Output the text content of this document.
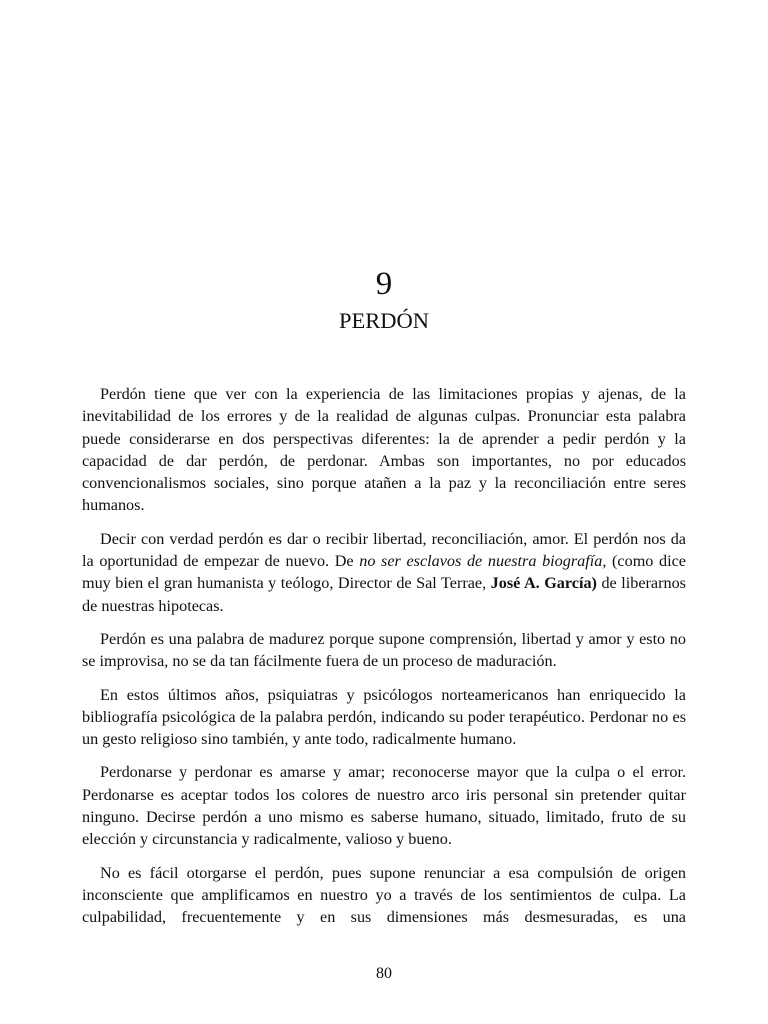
9
PERDÓN

Perdón tiene que ver con la experiencia de las limitaciones propias y ajenas, de la inevitabilidad de los errores y de la realidad de algunas culpas. Pronunciar esta palabra puede considerarse en dos perspectivas diferentes: la de aprender a pedir perdón y la capacidad de dar perdón, de perdonar. Ambas son importantes, no por educados convencionalismos sociales, sino porque atañen a la paz y la reconciliación entre seres humanos.

Decir con verdad perdón es dar o recibir libertad, reconciliación, amor. El perdón nos da la oportunidad de empezar de nuevo. De no ser esclavos de nuestra biografía, (como dice muy bien el gran humanista y teólogo, Director de Sal Terrae, José A. García) de liberarnos de nuestras hipotecas.

Perdón es una palabra de madurez porque supone comprensión, libertad y amor y esto no se improvisa, no se da tan fácilmente fuera de un proceso de maduración.

En estos últimos años, psiquiatras y psicólogos norteamericanos han enriquecido la bibliografía psicológica de la palabra perdón, indicando su poder terapéutico. Perdonar no es un gesto religioso sino también, y ante todo, radicalmente humano.

Perdonarse y perdonar es amarse y amar; reconocerse mayor que la culpa o el error. Perdonarse es aceptar todos los colores de nuestro arco iris personal sin pretender quitar ninguno. Decirse perdón a uno mismo es saberse humano, situado, limitado, fruto de su elección y circunstancia y radicalmente, valioso y bueno.

No es fácil otorgarse el perdón, pues supone renunciar a esa compulsión de origen inconsciente que amplificamos en nuestro yo a través de los sentimientos de culpa. La culpabilidad, frecuentemente y en sus dimensiones más desmesuradas, es una

80
